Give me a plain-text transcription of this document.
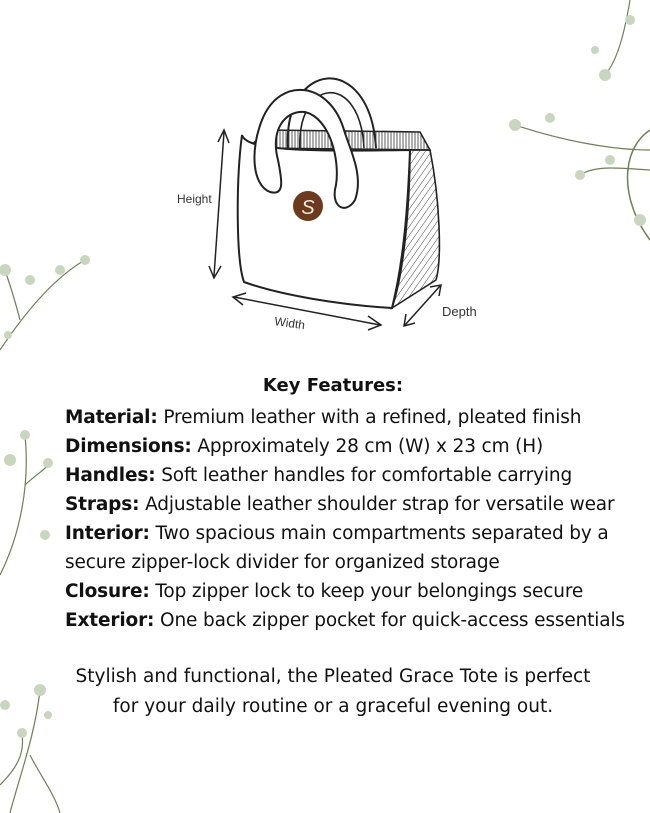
S
Height
Width
Depth
Key Features:

Material: Premium leather with a refined, pleated finish

Dimensions: Approximately 28 cm (W) x 23 cm (H)

Handles: Soft leather handles for comfortable carrying

Straps: Adjustable leather shoulder strap for versatile wear

Interior: Two spacious main compartments separated by a secure zipper-lock divider for organized storage

Closure: Top zipper lock to keep your belongings secure

Exterior: One back zipper pocket for quick-access essentials

Stylish and functional, the Pleated Grace Tote is perfect for your daily routine or a graceful evening out.
